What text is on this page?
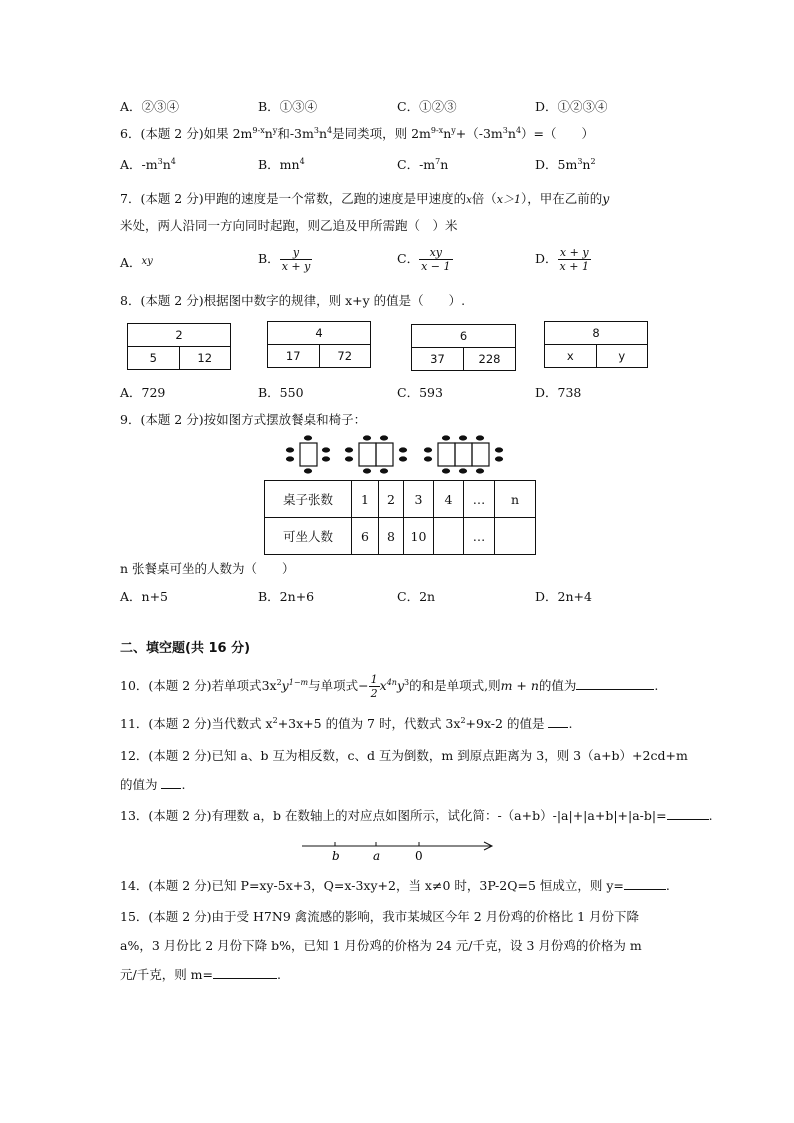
A．②③④	B．①③④	C．①②③	D．①②③④
6．(本题 2 分)如果 $2m^{9-x}n^y$和$-3m^3n^4$是同类项，则 $2m^{9-x}n^y+(-3m^3n^4)=$（　　）
A．$-m^3n^4$	B．$mn^4$	C．$-m^7n$	D．$5m^3n^2$
7．(本题 2 分)甲跑的速度是一个常数，乙跑的速度是甲速度的x倍（x＞1），甲在乙前的y
米处，两人沿同一方向同时起跑，则乙追及甲所需跑（　）米
A．$^{xy}$	B． $\frac{y}{x + y}$	C． $\frac{xy}{x - 1}$	D． $\frac{x + y}{x + 1}$
8．(本题 2 分)根据图中数字的规律，则 x+y 的值是（　　）.
2
5	12
4
17	72
6
37	228
8
x	y
A．729	B．550	C．593	D．738
9．(本题 2 分)按如图方式摆放餐桌和椅子：
桌子张数	1	2	3	4	…	n
可坐人数	6	8	10		…	
n 张餐桌可坐的人数为（　　）
A．n+5	B．2n+6	C．2n	D．2n+4
二、填空题(共 16 分)
10．(本题 2 分)若单项式$3x^2y^{1-m}$与单项式− $\frac{1}{2} x^{4n}y^3$的和是单项式,则m + n的值为	.
11．(本题 2 分)当代数式 $x^2+3x+5$ 的值为 7 时，代数式 $3x^2+9x-2$ 的值是 .
12．(本题 2 分)已知 a、b 互为相反数，c、d 互为倒数，m 到原点距离为 3，则 3（a+b）+2cd+m
的值为 .
13．(本题 2 分)有理数 a，b 在数轴上的对应点如图所示，试化简：-（a+b）-|a|+|a+b|+|a-b|=	.
b	a	0
14．(本题 2 分)已知 P=xy-5x+3，Q=x-3xy+2，当 x≠0 时，3P-2Q=5 恒成立，则 y=	.
15．(本题 2 分)由于受 H7N9 禽流感的影响，我市某城区今年 2 月份鸡的价格比 1 月份下降
a%，3 月份比 2 月份下降 b%，已知 1 月份鸡的价格为 24 元/千克，设 3 月份鸡的价格为 m
元/千克，则 m=	.
